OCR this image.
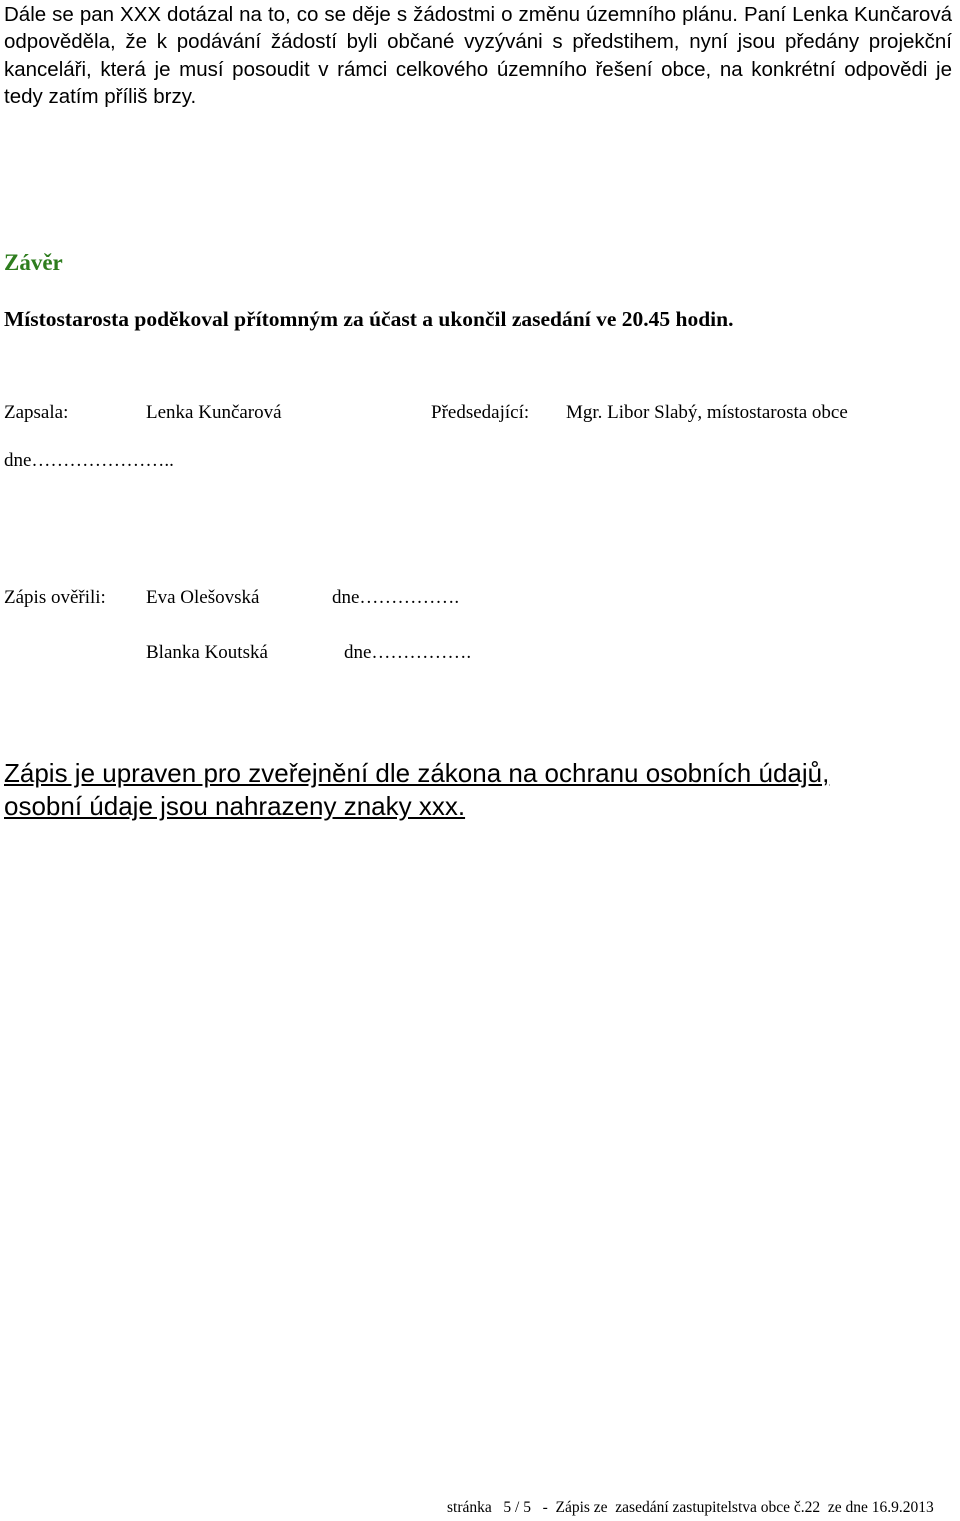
Dále se pan XXX dotázal na to, co se děje s žádostmi o změnu územního plánu. Paní Lenka Kunčarová odpověděla, že k podávání žádostí byli občané vyzýváni s předstihem, nyní jsou předány projekční kanceláři, která je musí posoudit v rámci celkového územního řešení obce, na konkrétní odpovědi je tedy zatím příliš brzy.

Závěr

Místostarosta poděkoval přítomným za účast a ukončil zasedání ve 20.45 hodin.

Zapsala:	Lenka Kunčarová	Předsedající: Mgr. Libor Slabý, místostarosta obce
dne…………………..
Zápis ověřili: Eva Olešovská	dne…………….
Blanka Koutská	dne…………….

Zápis je upraven pro zveřejnění dle zákona na ochranu osobních údajů,
osobní údaje jsou nahrazeny znaky xxx.

stránka   5 / 5   -  Zápis ze  zasedání zastupitelstva obce č.22  ze dne 16.9.2013
